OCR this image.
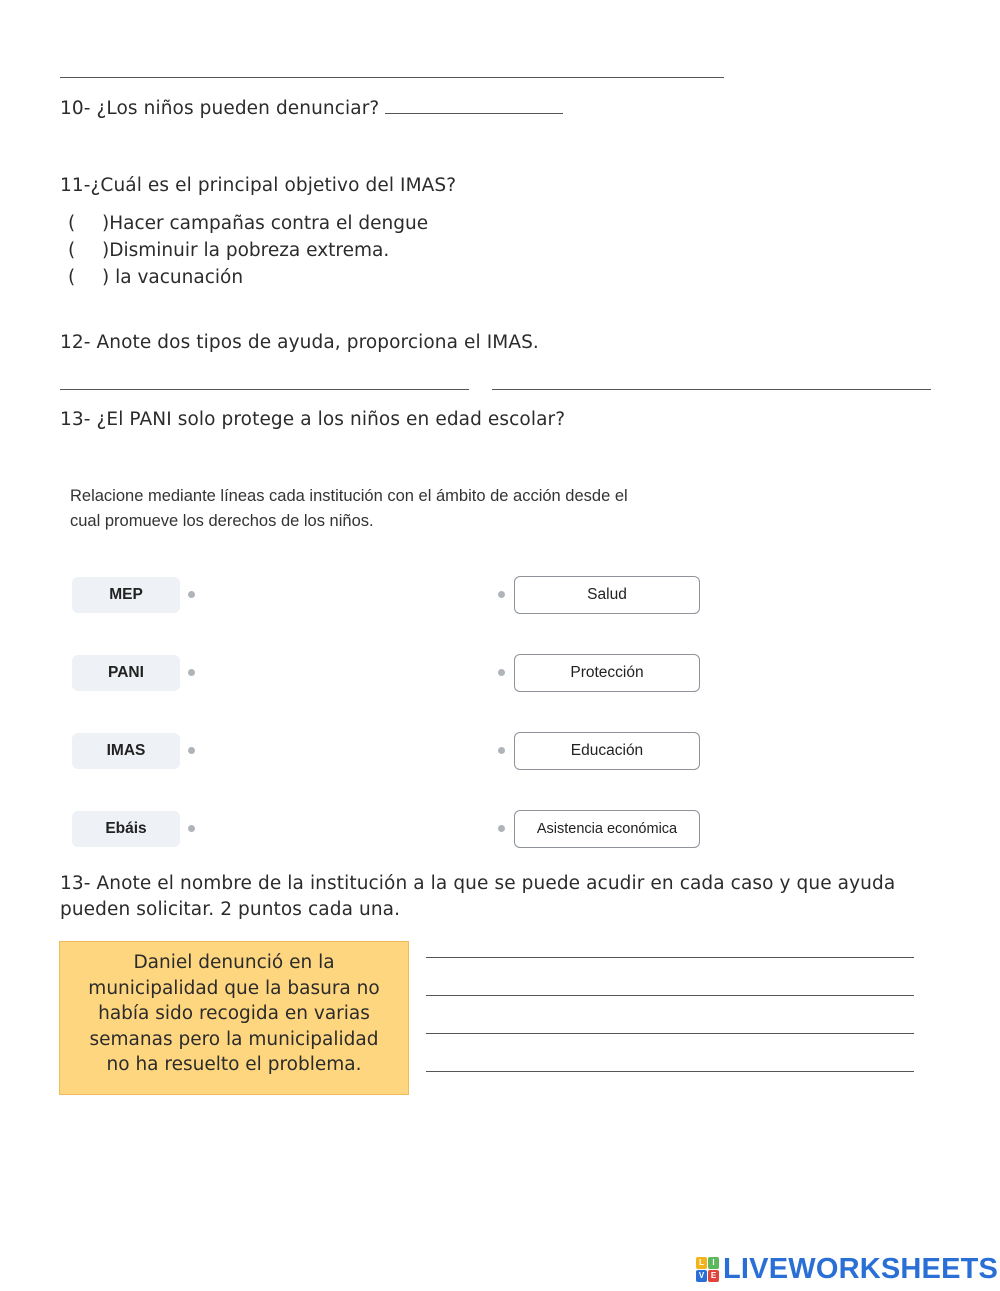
10- ¿Los niños pueden denunciar?
11-¿Cuál es el principal objetivo del IMAS?
( )Hacer campañas contra el dengue
( )Disminuir la pobreza extrema.
( ) la vacunación
12- Anote dos tipos de ayuda, proporciona el IMAS.
13- ¿El PANI solo protege a los niños en edad escolar?
Relacione mediante líneas cada institución con el ámbito de acción desde el
cual promueve los derechos de los niños.
MEP	Salud
PANI	Protección
IMAS	Educación
Ebáis	Asistencia económica
13- Anote el nombre de la institución a la que se puede acudir en cada caso y que ayuda
pueden solicitar. 2 puntos cada una.
Daniel denunció en la
municipalidad que la basura no
había sido recogida en varias
semanas pero la municipalidad
no ha resuelto el problema.
L	I
V E LIVEWORKSHEETS
